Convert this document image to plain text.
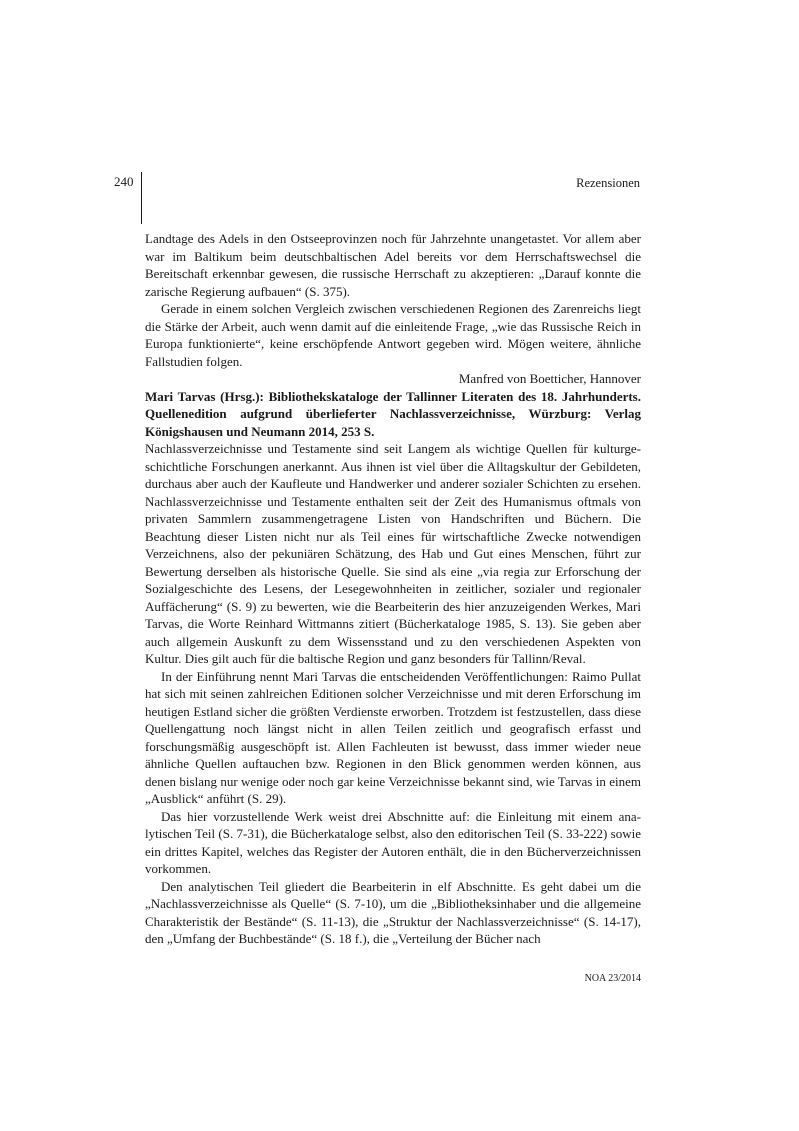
240	Rezensionen

Landtage des Adels in den Ostseeprovinzen noch für Jahrzehnte unangetastet. Vor allem aber war im Baltikum beim deutschbaltischen Adel bereits vor dem Herrschaftswechsel die Bereitschaft erkennbar gewesen, die russische Herrschaft zu akzeptieren: „Darauf konnte die zarische Regierung aufbauen“ (S. 375).

Gerade in einem solchen Vergleich zwischen verschiedenen Regionen des Zarenreichs liegt die Stärke der Arbeit, auch wenn damit auf die einleitende Frage, „wie das Russische Reich in Europa funktionierte“, keine erschöpfende Antwort gegeben wird. Mögen weitere, ähnliche Fallstudien folgen.

Manfred von Boetticher, Hannover

Mari Tarvas (Hrsg.): Bibliothekskataloge der Tallinner Literaten des 18. Jahrhunderts. Quellenedition aufgrund überlieferter Nachlassverzeichnisse, Würzburg: Verlag Königshausen und Neumann 2014, 253 S.

Nachlassverzeichnisse und Testamente sind seit Langem als wichtige Quellen für kulturgeschichtliche Forschungen anerkannt. Aus ihnen ist viel über die Alltagskultur der Gebildeten, durchaus aber auch der Kaufleute und Handwerker und anderer sozialer Schichten zu ersehen. Nachlassverzeichnisse und Testamente enthalten seit der Zeit des Humanismus oftmals von privaten Sammlern zusammengetragene Listen von Handschriften und Büchern. Die Beachtung dieser Listen nicht nur als Teil eines für wirtschaftliche Zwecke notwendigen Verzeichnens, also der pekuniären Schätzung, des Hab und Gut eines Menschen, führt zur Bewertung derselben als historische Quelle. Sie sind als eine „via regia zur Erforschung der Sozialgeschichte des Lesens, der Lesegewohnheiten in zeitlicher, sozialer und regionaler Auffächerung“ (S. 9) zu bewerten, wie die Bearbeiterin des hier anzuzeigenden Werkes, Mari Tarvas, die Worte Reinhard Wittmanns zitiert (Bücherkataloge 1985, S. 13). Sie geben aber auch allgemein Auskunft zu dem Wissensstand und zu den verschiedenen Aspekten von Kultur. Dies gilt auch für die baltische Region und ganz besonders für Tallinn/Reval.

In der Einführung nennt Mari Tarvas die entscheidenden Veröffentlichungen: Raimo Pullat hat sich mit seinen zahlreichen Editionen solcher Verzeichnisse und mit deren Erforschung im heutigen Estland sicher die größten Verdienste erworben. Trotzdem ist festzustellen, dass diese Quellengattung noch längst nicht in allen Teilen zeitlich und geografisch erfasst und forschungsmäßig ausgeschöpft ist. Allen Fachleuten ist bewusst, dass immer wieder neue ähnliche Quellen auftauchen bzw. Regionen in den Blick genommen werden können, aus denen bislang nur wenige oder noch gar keine Verzeichnisse bekannt sind, wie Tarvas in einem „Ausblick“ anführt (S. 29).

Das hier vorzustellende Werk weist drei Abschnitte auf: die Einleitung mit einem analytischen Teil (S. 7-31), die Bücherkataloge selbst, also den editorischen Teil (S. 33-222) sowie ein drittes Kapitel, welches das Register der Autoren enthält, die in den Bücherverzeichnissen vorkommen.

Den analytischen Teil gliedert die Bearbeiterin in elf Abschnitte. Es geht dabei um die „Nachlassverzeichnisse als Quelle“ (S. 7-10), um die „Bibliotheksinhaber und die allgemeine Charakteristik der Bestände“ (S. 11-13), die „Struktur der Nachlassverzeichnisse“ (S. 14-17), den „Umfang der Buchbestände“ (S. 18 f.), die „Verteilung der Bücher nach

NOA 23/2014
